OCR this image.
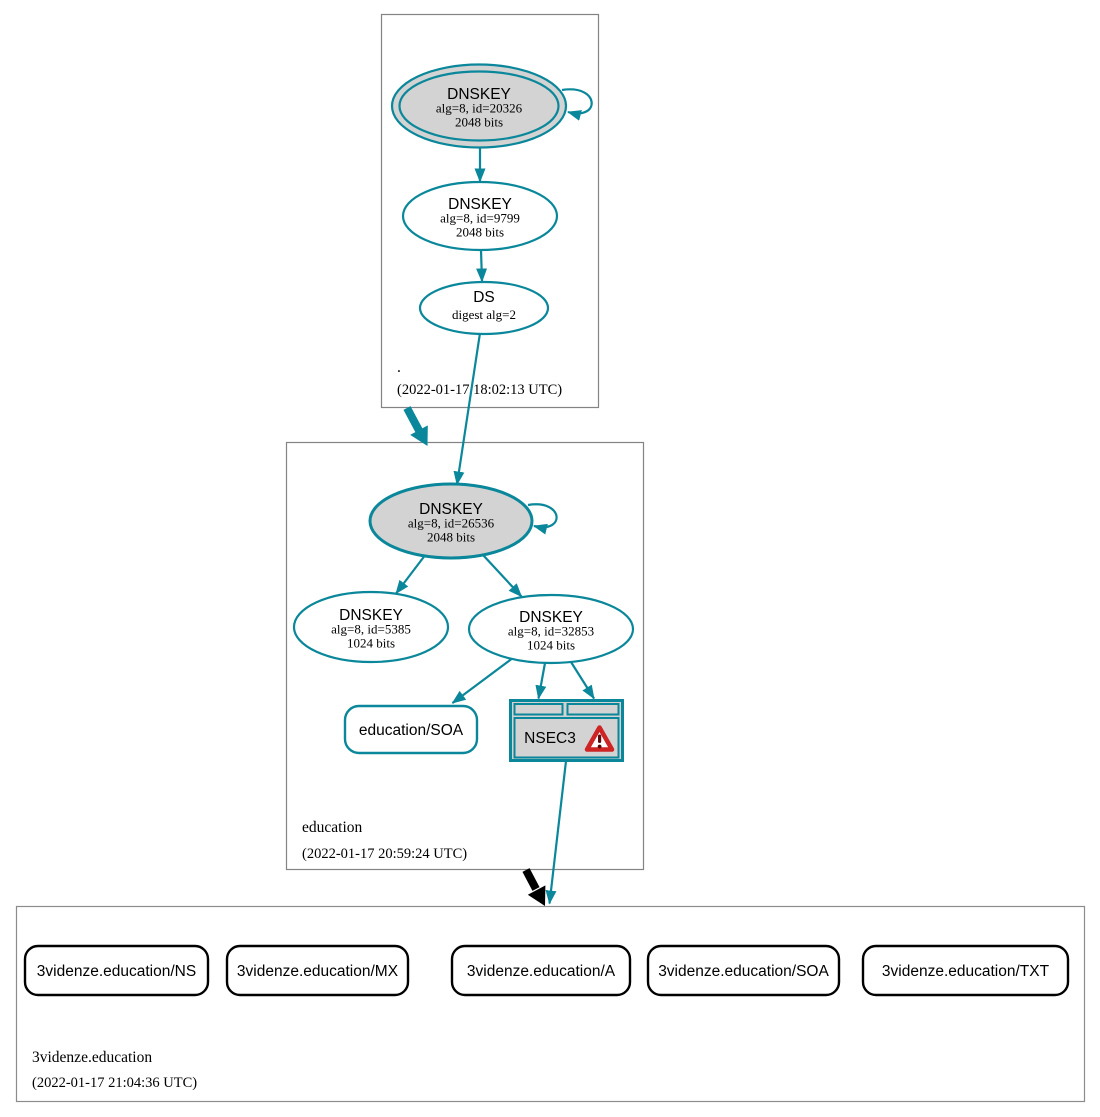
.
(2022-01-17 18:02:13 UTC)
education
(2022-01-17 20:59:24 UTC)
3videnze.education
(2022-01-17 21:04:36 UTC)
DNSKEY
alg=8, id=20326
2048 bits
DNSKEY
alg=8, id=9799
2048 bits
DS
digest alg=2
DNSKEY
alg=8, id=26536
2048 bits
DNSKEY
alg=8, id=5385
1024 bits
DNSKEY
alg=8, id=32853
1024 bits
education/SOA	NSEC3
3videnze.education/NS	3videnze.education/MX	3videnze.education/A	3videnze.education/SOA	3videnze.education/TXT
